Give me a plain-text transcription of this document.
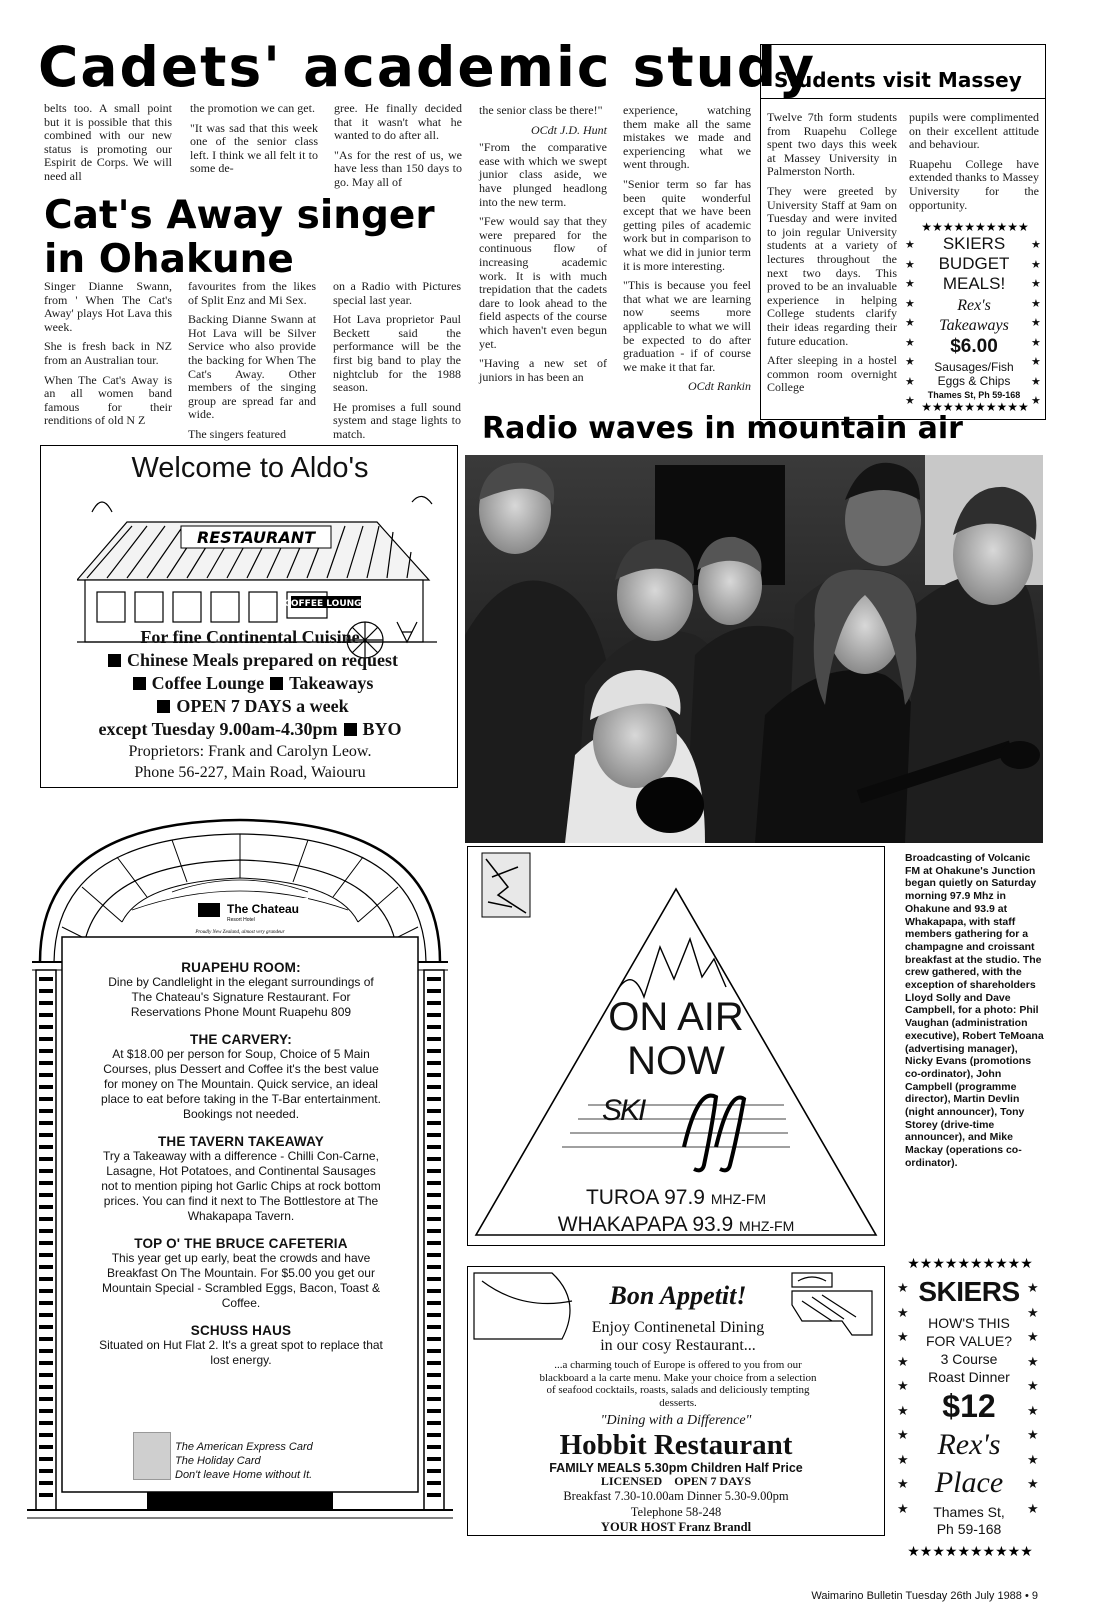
Cadets' academic study

belts too. A small point but it is possible that this combined with our new status is promoting our Espirit de Corps. We will need all

the promotion we can get.

"It was sad that this week one of the senior class left. I think we all felt it to some de-

gree. He finally decided that it wasn't what he wanted to do after all.

"As for the rest of us, we have less than 150 days to go. May all of

the senior class be there!"

OCdt J.D. Hunt

"From the comparative ease with which we swept junior class aside, we have plunged headlong into the new term.

"Few would say that they were prepared for the continuous flow of increasing academic work. It is with much trepidation that the cadets dare to look ahead to the field aspects of the course which haven't even begun yet.

"Having a new set of juniors in has been an

experience, watching them make all the same mistakes we made and experiencing what we went through.

"Senior term so far has been quite wonderful except that we have been getting piles of academic work but in comparison to what we did in junior term it is more interesting.

"This is because you feel that what we are learning now seems more applicable to what we will be expected to do after graduation - if of course we make it that far.

OCdt Rankin

Students visit Massey

Twelve 7th form students from Ruapehu College spent two days this week at Massey University in Palmerston North.

They were greeted by University Staff at 9am on Tuesday and were invited to join regular University students at a variety of lectures throughout the next two days. This proved to be an invaluable experience in helping College students clarify their ideas regarding their future education.

After sleeping in a hostel common room overnight College

pupils were complimented on their excellent attitude and behaviour.

Ruapehu College have extended thanks to Massey University for the opportunity.

★★★★★★★★★★
★
★
★
★
★
★
★
★
★
★
★
★
★
★
★
★
★
★
SKIERS
BUDGET
MEALS!
Rex's
Takeaways
$6.00
Sausages/Fish
Eggs & Chips
Thames St, Ph 59-168
★★★★★★★★★★
Cat's Away singer
in Ohakune

Singer Dianne Swann, from ' When The Cat's Away' plays Hot Lava this week.

She is fresh back in NZ from an Australian tour.

When The Cat's Away is an all women band famous for their renditions of old N Z

favourites from the likes of Split Enz and Mi Sex.

Backing Dianne Swann at Hot Lava will be Silver Service who also provide the backing for When The Cat's Away. Other members of the singing group are spread far and wide.

The singers featured

on a Radio with Pictures special last year.

Hot Lava proprietor Paul Beckett said the performance will be the first big band to play the nightclub for the 1988 season.

He promises a full sound system and stage lights to match.	Radio waves in mountain air
Broadcasting of Volcanic FM at Ohakune's Junction began quietly on Saturday morning 97.9 Mhz in Ohakune and 93.9 at Whakapapa, with staff members gathering for a champagne and croissant breakfast at the studio. The crew gathered, with the exception of shareholders Lloyd Solly and Dave Campbell, for a photo: Phil Vaughan (administration executive), Robert TeMoana (advertising manager), Nicky Evans (promotions co-ordinator), John Campbell (programme director), Martin Devlin (night announcer), Tony Storey (drive-time announcer), and Mike Mackay (operations co-ordinator).
Welcome to Aldo's
RESTAURANT
COFFEE LOUNGE
For fine Continental Cuisine
Chinese Meals prepared on request
Coffee Lounge Takeaways
OPEN 7 DAYS a week
except Tuesday 9.00am-4.30pm BYO
Proprietors: Frank and Carolyn Leow.
Phone 56-227, Main Road, Waiouru
The Chateau
Resort Hotel
Proudly New Zealand, almost very grandeur
RUAPEHU ROOM:
Dine by Candlelight in the elegant surroundings of The Chateau's Signature Restaurant. For Reservations Phone Mount Ruapehu 809
THE CARVERY:
At $18.00 per person for Soup, Choice of 5 Main Courses, plus Dessert and Coffee it's the best value for money on The Mountain. Quick service, an ideal place to eat before taking in the T-Bar entertainment. Bookings not needed.
THE TAVERN TAKEAWAY
Try a Takeaway with a difference - Chilli Con-Carne, Lasagne, Hot Potatoes, and Continental Sausages not to mention piping hot Garlic Chips at rock bottom prices. You can find it next to The Bottlestore at The Whakapapa Tavern.
TOP O' THE BRUCE CAFETERIA
This year get up early, beat the crowds and have Breakfast On The Mountain. For $5.00 you get our Mountain Special - Scrambled Eggs, Bacon, Toast & Coffee.
SCHUSS HAUS
Situated on Hut Flat 2. It's a great spot to replace that lost energy.
The American Express Card
The Holiday Card
Don't leave Home without It.
ON AIR
NOW
SKI
TUROA 97.9 MHZ-FM
WHAKAPAPA 93.9 MHZ-FM
Bon Appetit!
Enjoy Continenetal Dining
in our cosy Restaurant...
...a charming touch of Europe is offered to you from our blackboard a la carte menu. Make your choice from a selection of seafood cocktails, roasts, salads and deliciously tempting desserts.
"Dining with a Difference"
Hobbit Restaurant
FAMILY MEALS 5.30pm Children Half Price
LICENSED    OPEN 7 DAYS
Breakfast 7.30-10.00am Dinner 5.30-9.00pm
Telephone 58-248
YOUR HOST Franz Brandl
★★★★★★★★★★
★
★
★
★
★
★
★
★
★
★
★
★
★
★
★
★
★
★
★
★
SKIERS
HOW'S THIS
FOR VALUE?
3 Course
Roast Dinner
$12
Rex's
Place
Thames St,
Ph 59-168
★★★★★★★★★★
Waimarino Bulletin Tuesday 26th July 1988 • 9
